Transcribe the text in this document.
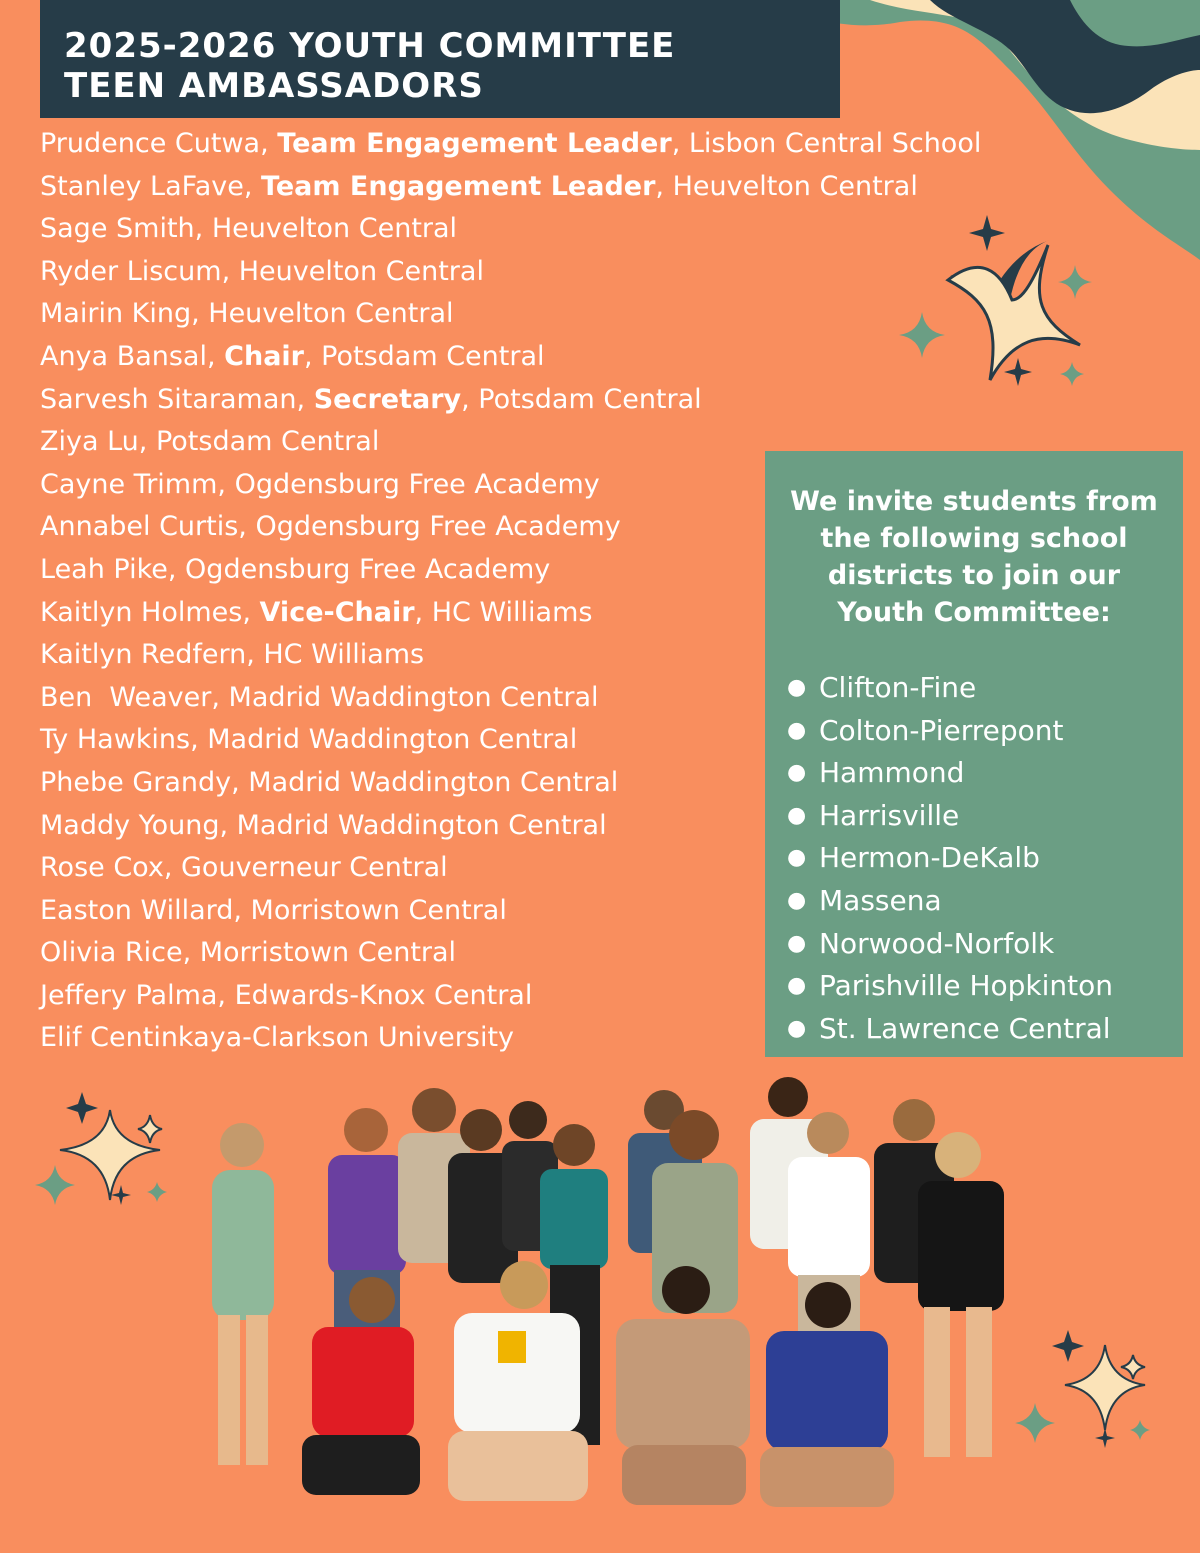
2025-2026 YOUTH COMMITTEE
TEEN AMBASSADORS
Prudence Cutwa, Team Engagement Leader, Lisbon Central School
Stanley LaFave, Team Engagement Leader, Heuvelton Central
Sage Smith, Heuvelton Central
Ryder Liscum, Heuvelton Central
Mairin King, Heuvelton Central
Anya Bansal, Chair, Potsdam Central
Sarvesh Sitaraman, Secretary, Potsdam Central
Ziya Lu, Potsdam Central
Cayne Trimm, Ogdensburg Free Academy
Annabel Curtis, Ogdensburg Free Academy
Leah Pike, Ogdensburg Free Academy
Kaitlyn Holmes, Vice-Chair, HC Williams
Kaitlyn Redfern, HC Williams
Ben  Weaver, Madrid Waddington Central
Ty Hawkins, Madrid Waddington Central
Phebe Grandy, Madrid Waddington Central
Maddy Young, Madrid Waddington Central
Rose Cox, Gouverneur Central
Easton Willard, Morristown Central
Olivia Rice, Morristown Central
Jeffery Palma, Edwards-Knox Central
Elif Centinkaya-Clarkson University
We invite students from
the following school
districts to join our
Youth Committee:
● Clifton-Fine
● Colton-Pierrepont
● Hammond
● Harrisville
● Hermon-DeKalb
● Massena
● Norwood-Norfolk
● Parishville Hopkinton
● St. Lawrence Central
